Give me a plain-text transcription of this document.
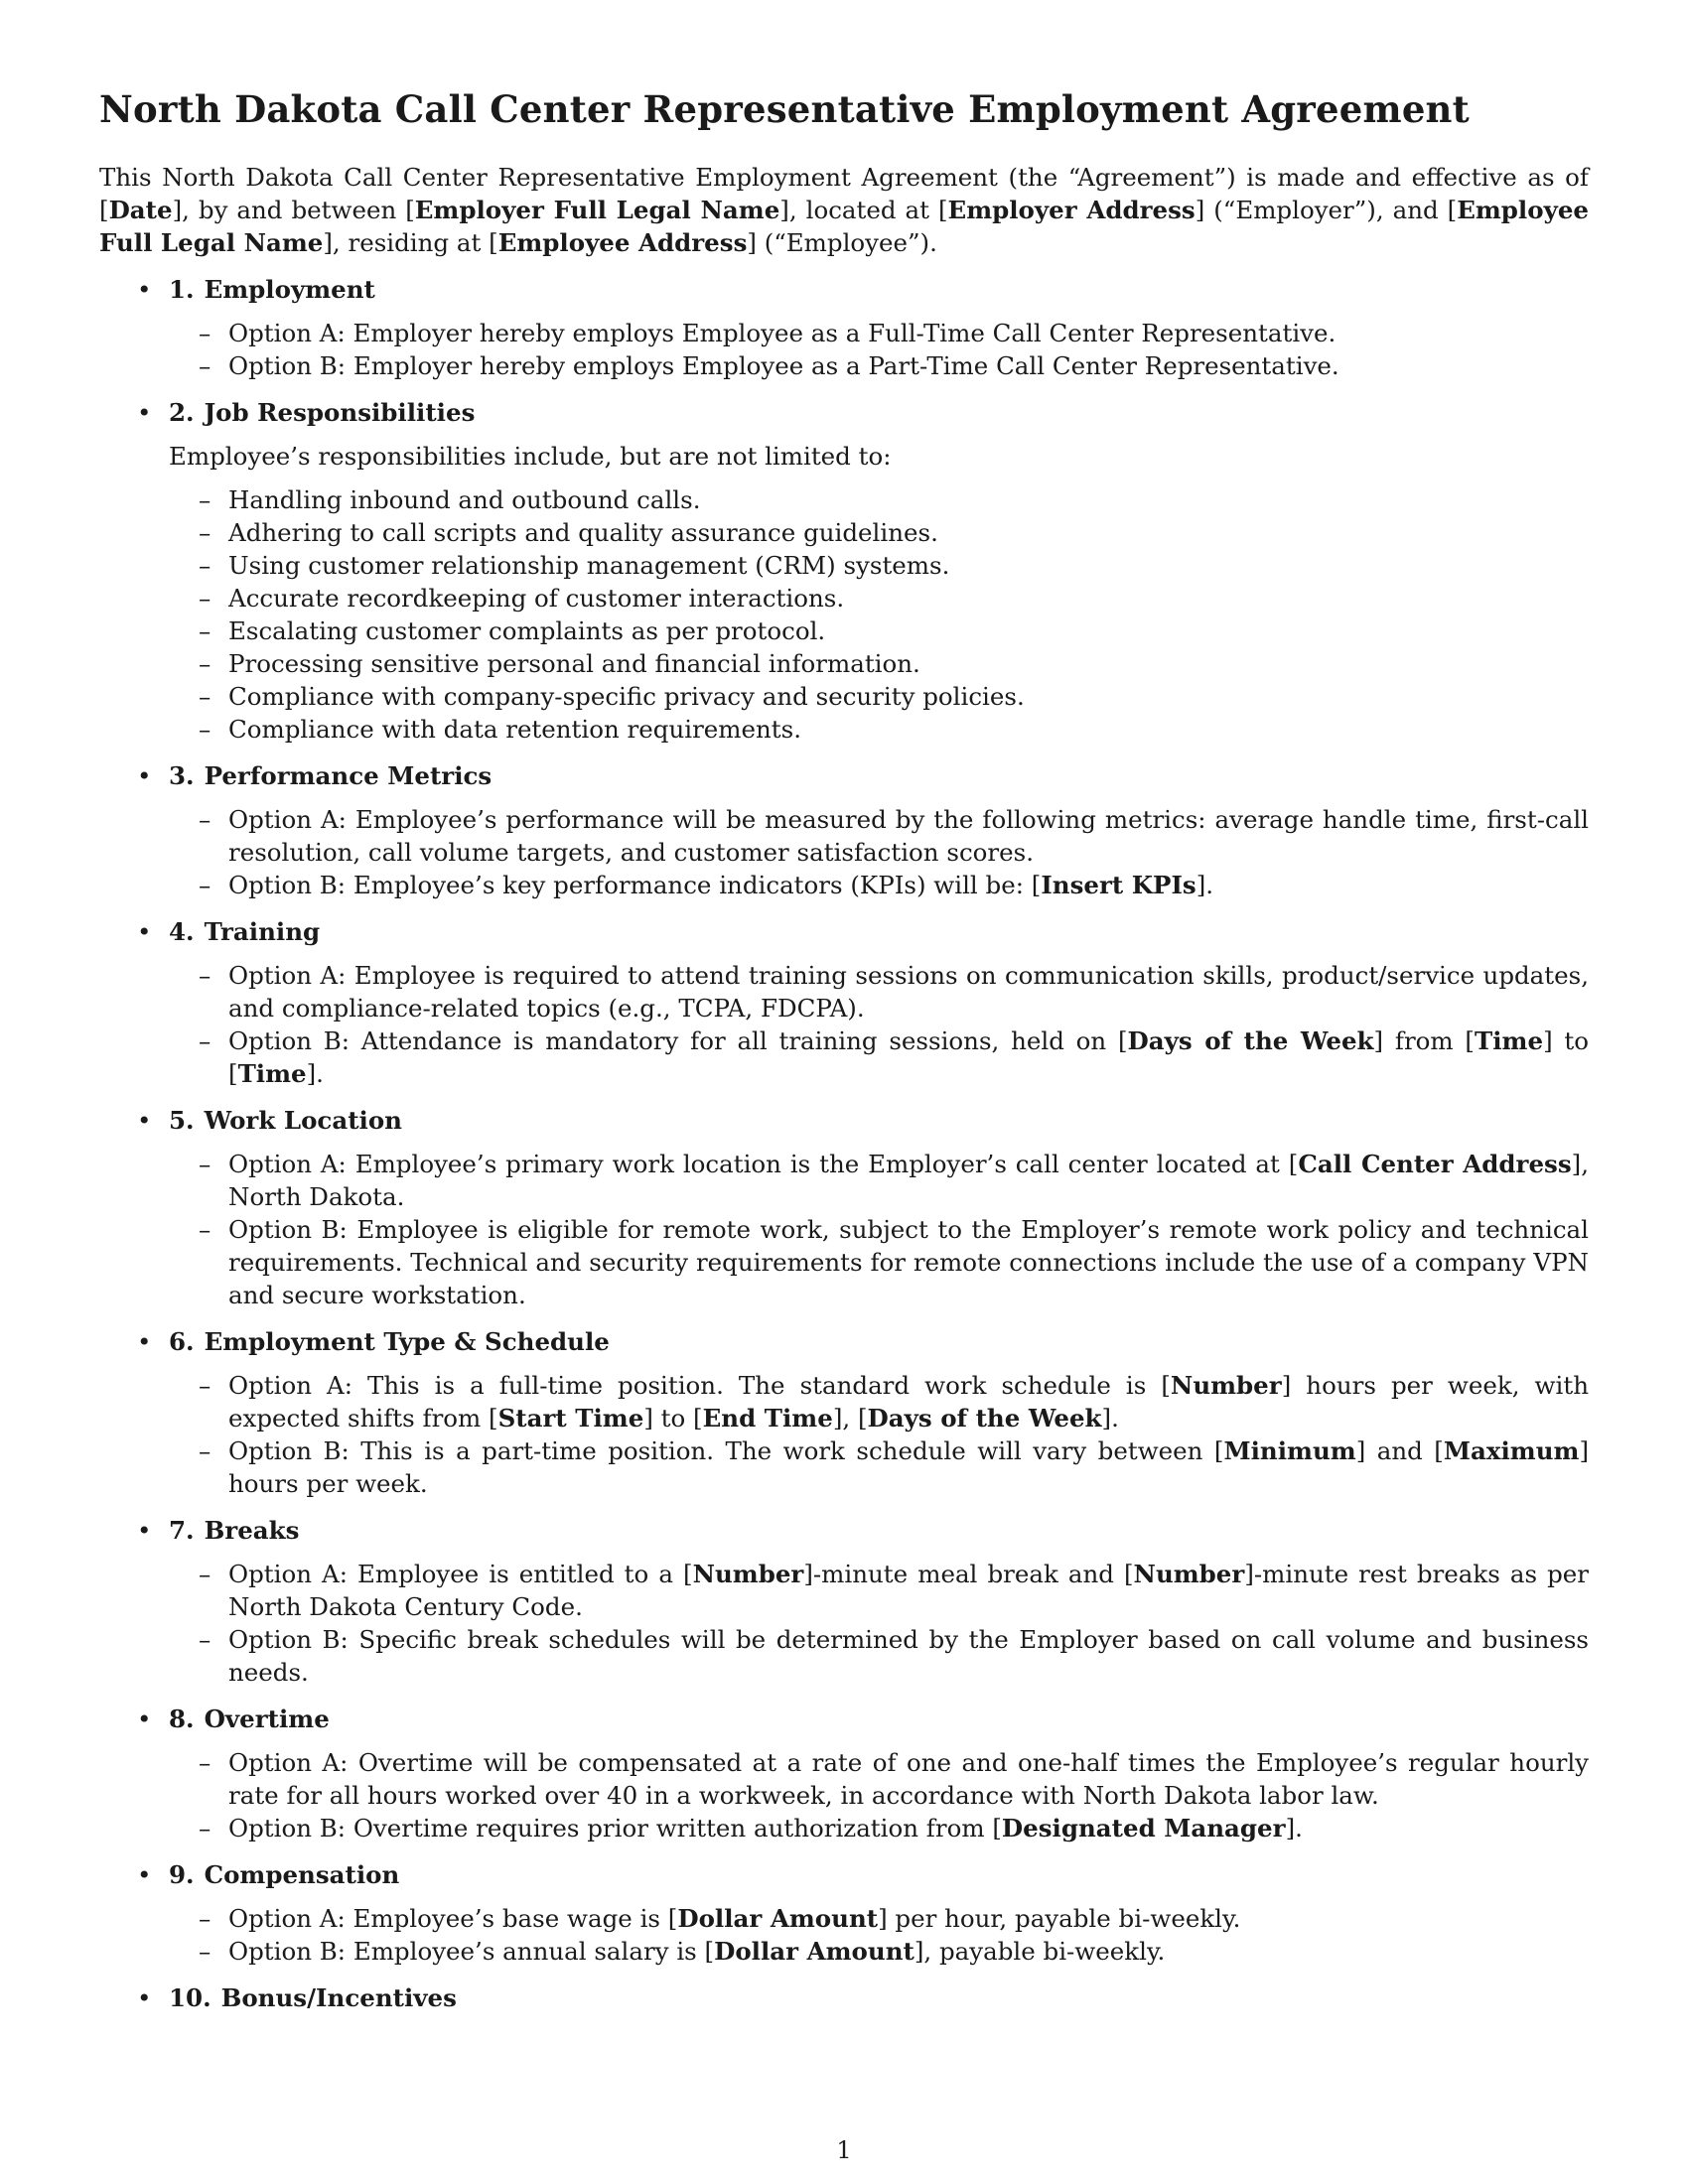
North Dakota Call Center Representative Employment Agreement

This North Dakota Call Center Representative Employment Agreement (the “Agreement”) is made and effective as of [Date], by and between [Employer Full Legal Name], located at [Employer Address] (“Employer”), and [Employee Full Legal Name], residing at [Employee Address] (“Employee”).

• 1. Employment
– Option A: Employer hereby employs Employee as a Full-Time Call Center Representative.
– Option B: Employer hereby employs Employee as a Part-Time Call Center Representative.
• 2. Job Responsibilities

Employee’s responsibilities include, but are not limited to:

– Handling inbound and outbound calls.
– Adhering to call scripts and quality assurance guidelines.
– Using customer relationship management (CRM) systems.
– Accurate recordkeeping of customer interactions.
– Escalating customer complaints as per protocol.
– Processing sensitive personal and financial information.
– Compliance with company-specific privacy and security policies.
– Compliance with data retention requirements.
• 3. Performance Metrics
– Option A: Employee’s performance will be measured by the following metrics: average handle time, first-call resolution, call volume targets, and customer satisfaction scores.
– Option B: Employee’s key performance indicators (KPIs) will be: [Insert KPIs].
• 4. Training
– Option A: Employee is required to attend training sessions on communication skills, product/service updates, and compliance-related topics (e.g., TCPA, FDCPA).
– Option B: Attendance is mandatory for all training sessions, held on [Days of the Week] from [Time] to [Time].
• 5. Work Location
– Option A: Employee’s primary work location is the Employer’s call center located at [Call Center Address], North Dakota.
– Option B: Employee is eligible for remote work, subject to the Employer’s remote work policy and technical requirements. Technical and security requirements for remote connections include the use of a company VPN and secure workstation.
• 6. Employment Type & Schedule
– Option A: This is a full-time position. The standard work schedule is [Number] hours per week, with expected shifts from [Start Time] to [End Time], [Days of the Week].
– Option B: This is a part-time position. The work schedule will vary between [Minimum] and [Maximum] hours per week.
• 7. Breaks
– Option A: Employee is entitled to a [Number]-minute meal break and [Number]-minute rest breaks as per North Dakota Century Code.
– Option B: Specific break schedules will be determined by the Employer based on call volume and business needs.
• 8. Overtime
– Option A: Overtime will be compensated at a rate of one and one-half times the Employee’s regular hourly rate for all hours worked over 40 in a workweek, in accordance with North Dakota labor law.
– Option B: Overtime requires prior written authorization from [Designated Manager].
• 9. Compensation
– Option A: Employee’s base wage is [Dollar Amount] per hour, payable bi-weekly.
– Option B: Employee’s annual salary is [Dollar Amount], payable bi-weekly.
• 10. Bonus/Incentives
1
